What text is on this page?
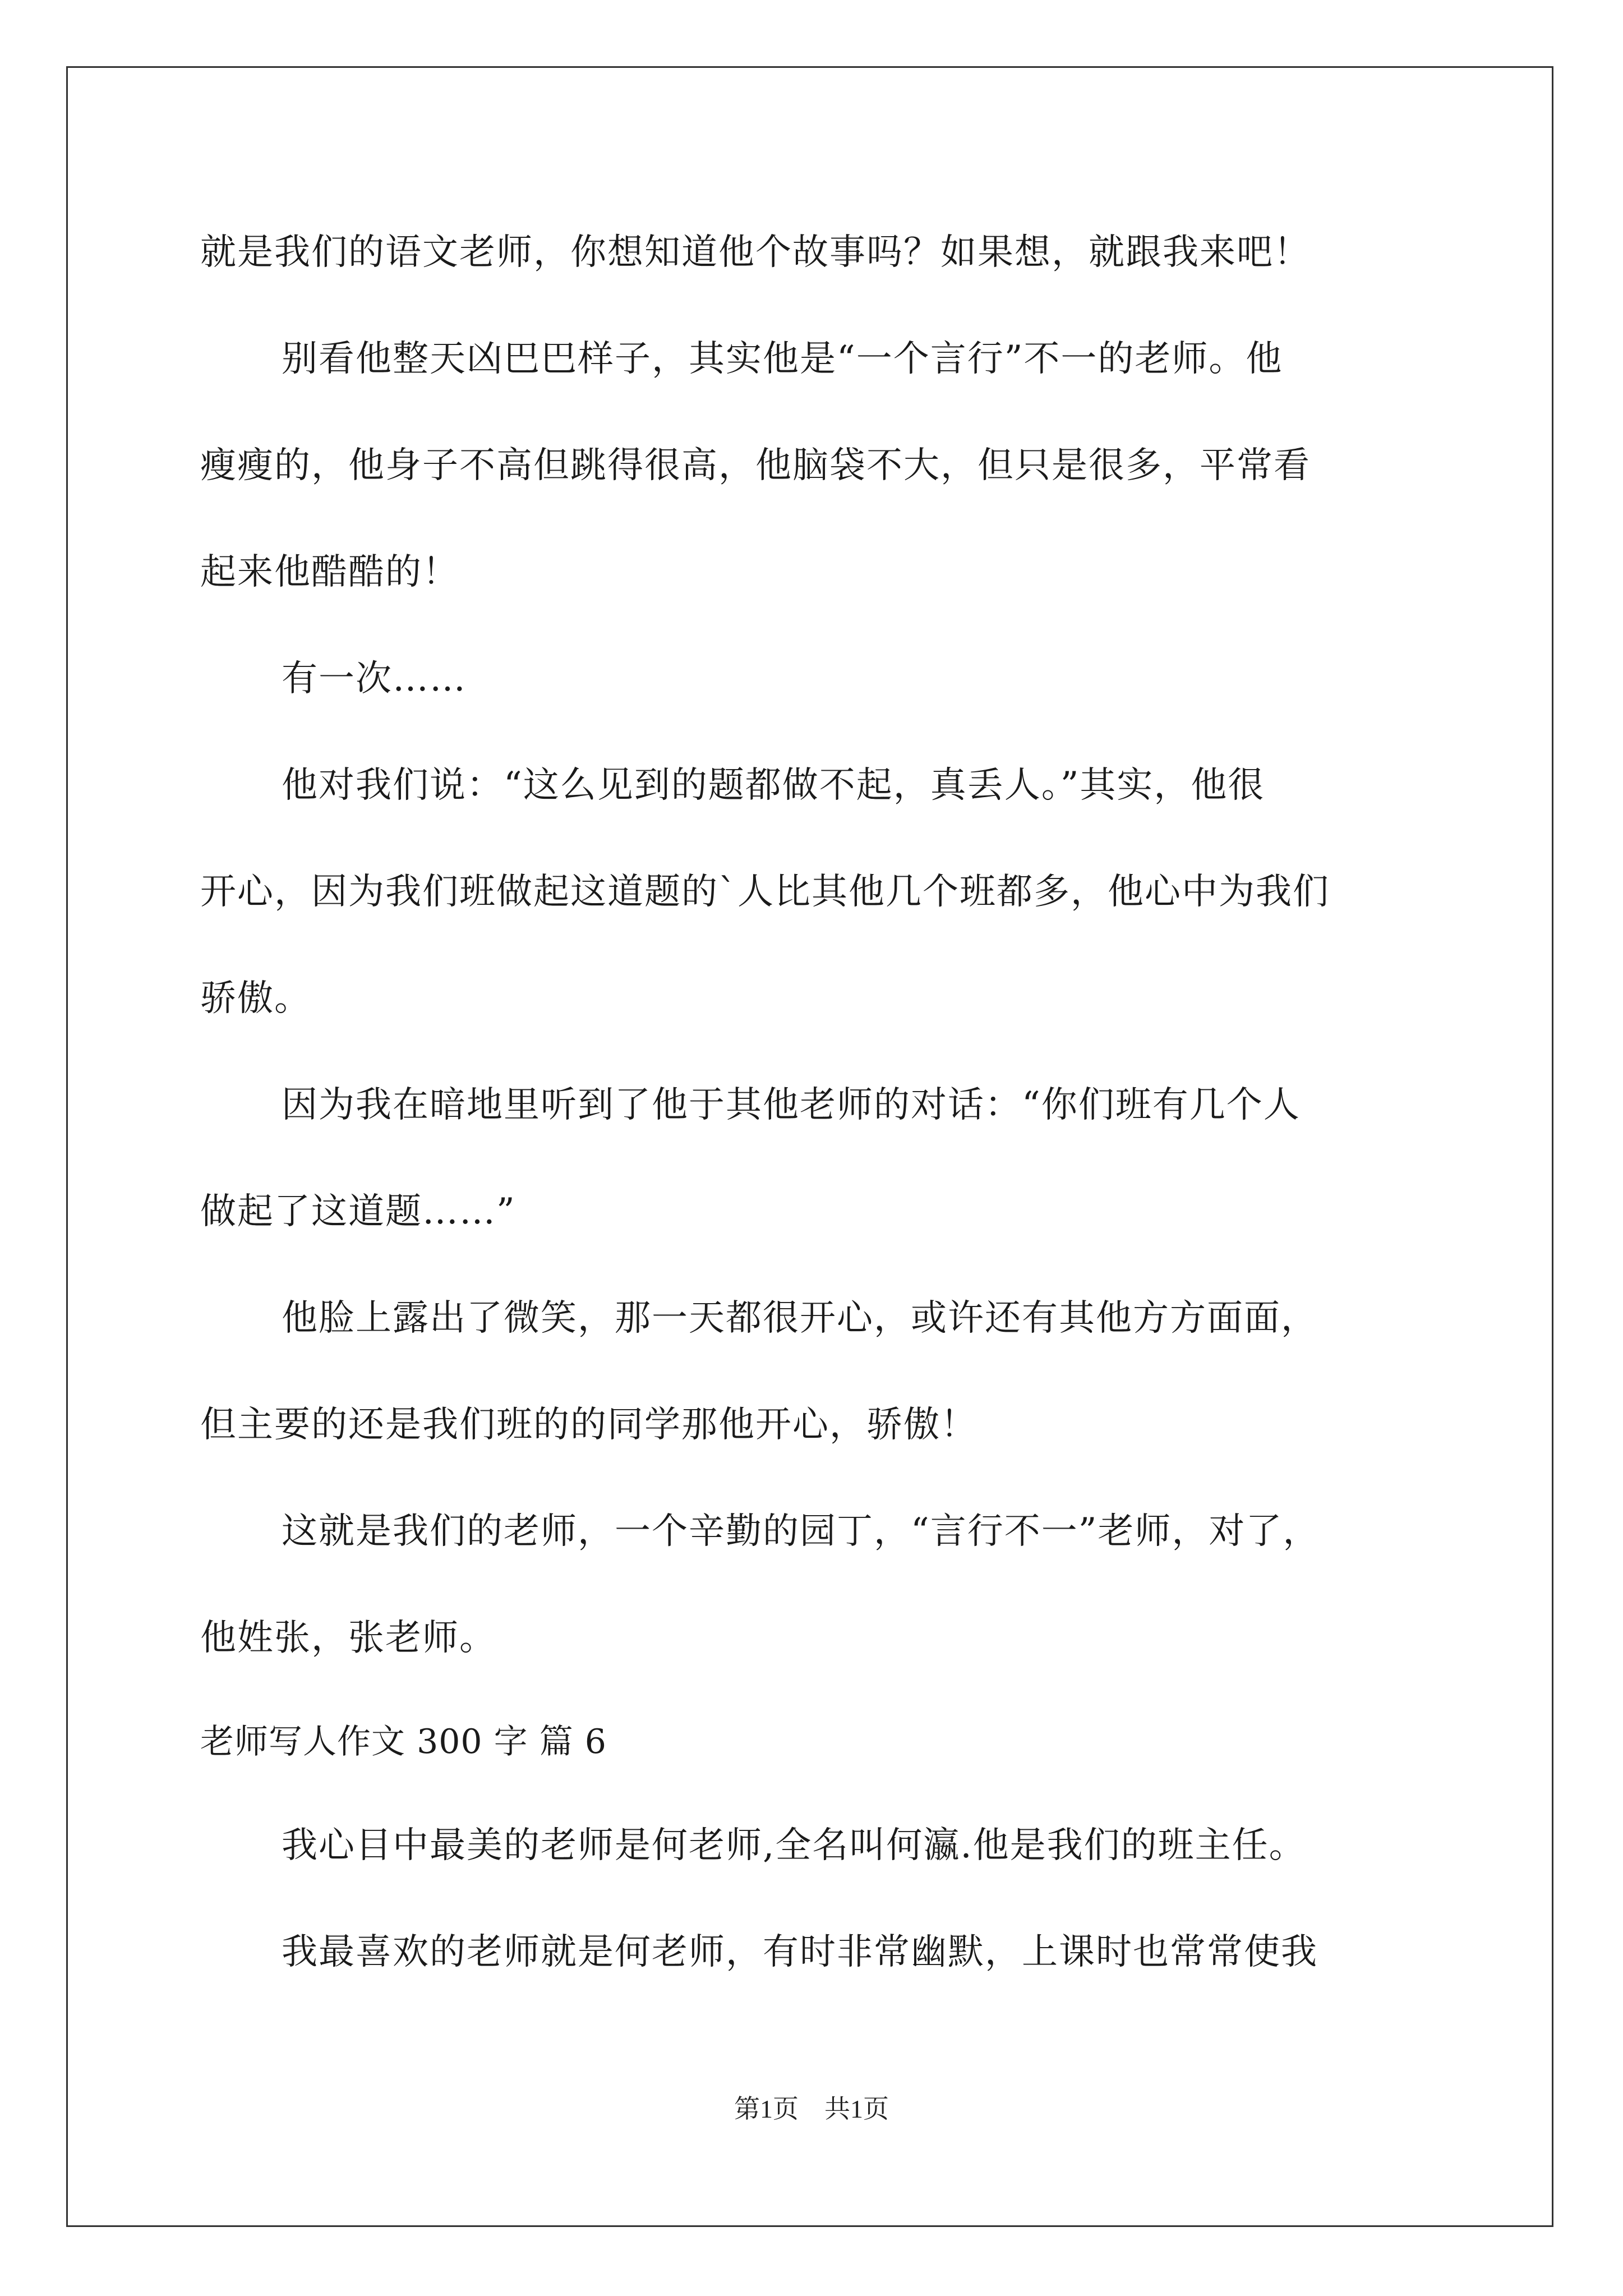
就是我们的语文老师，你想知道他个故事吗？如果想，就跟我来吧！
别看他整天凶巴巴样子，其实他是“一个言行”不一的老师。他
瘦瘦的，他身子不高但跳得很高，他脑袋不大，但只是很多，平常看
起来他酷酷的！
有一次……
他对我们说：“这么见到的题都做不起，真丢人。”其实，他很
开心，因为我们班做起这道题的`人比其他几个班都多，他心中为我们
骄傲。
因为我在暗地里听到了他于其他老师的对话：“你们班有几个人
做起了这道题……”
他脸上露出了微笑，那一天都很开心，或许还有其他方方面面，
但主要的还是我们班的的同学那他开心，骄傲！
这就是我们的老师，一个辛勤的园丁，“言行不一”老师，对了，
他姓张，张老师。
老师写人作文 300 字 篇 6
我心目中最美的老师是何老师,全名叫何瀛.他是我们的班主任。
我最喜欢的老师就是何老师，有时非常幽默，上课时也常常使我
第1页 共1页
